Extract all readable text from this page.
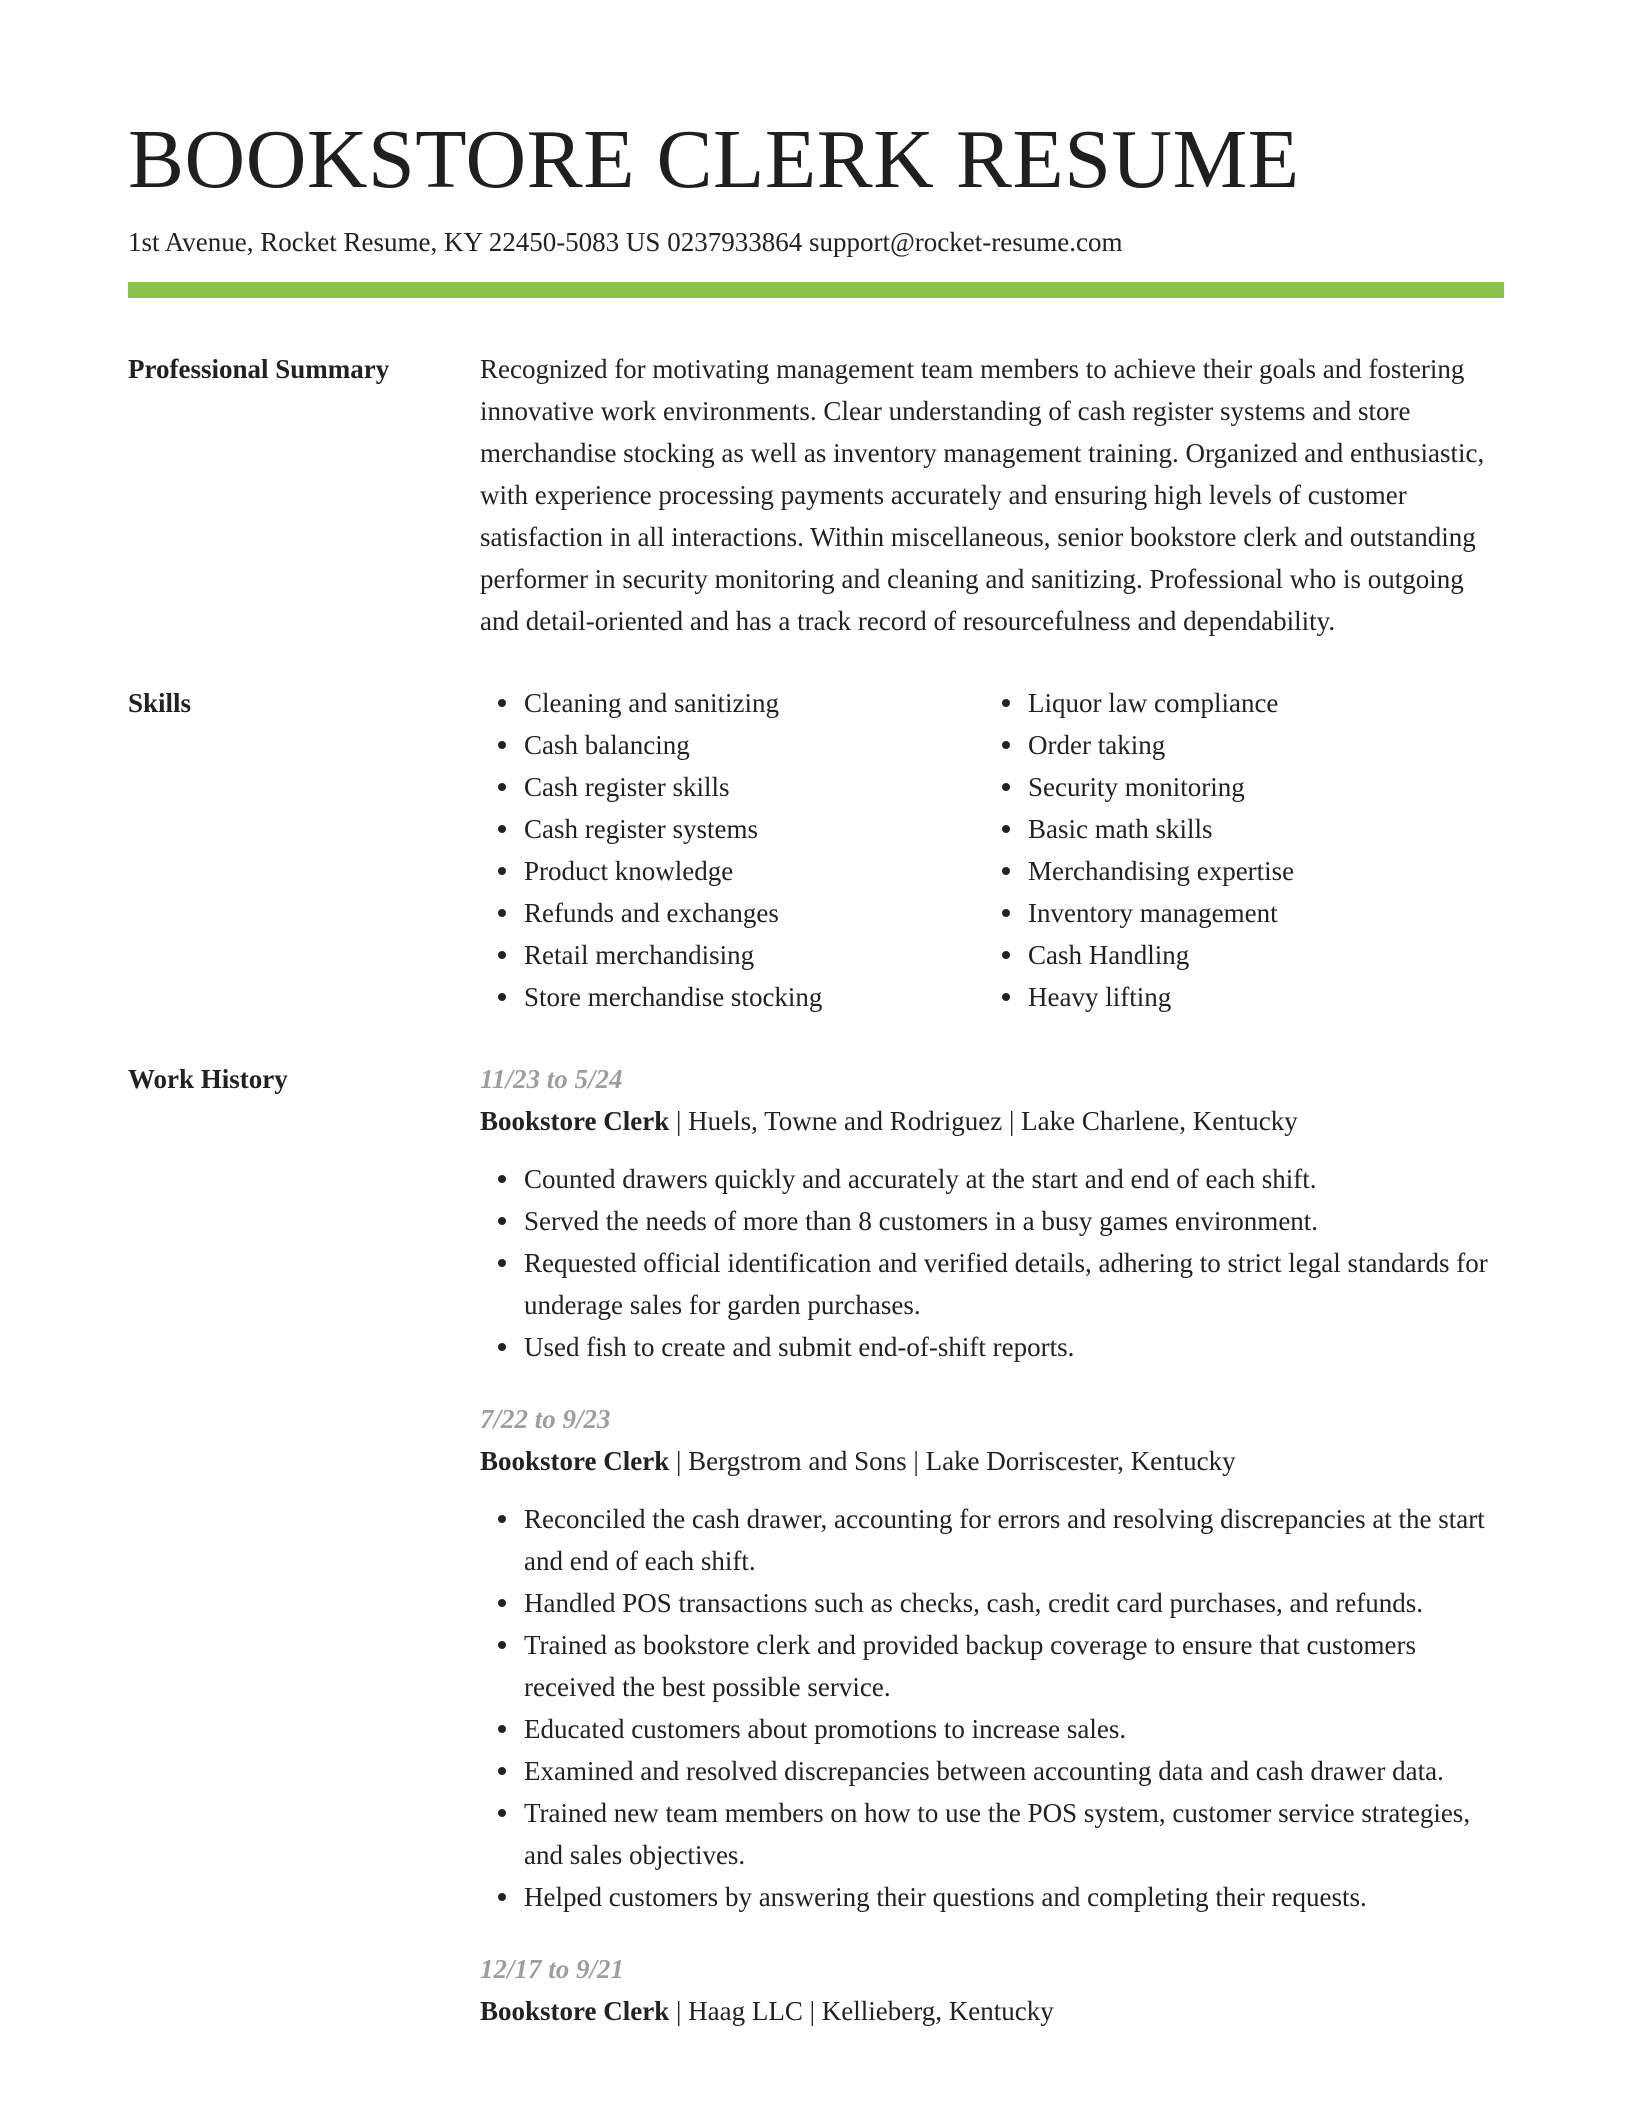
BOOKSTORE CLERK RESUME
1st Avenue, Rocket Resume, KY 22450-5083 US 0237933864 support@rocket-resume.com
Professional Summary	Recognized for motivating management team members to achieve their goals and fostering innovative work environments. Clear understanding of cash register systems and store merchandise stocking as well as inventory management training. Organized and enthusiastic, with experience processing payments accurately and ensuring high levels of customer satisfaction in all interactions. Within miscellaneous, senior bookstore clerk and outstanding performer in security monitoring and cleaning and sanitizing. Professional who is outgoing and detail-oriented and has a track record of resourcefulness and dependability.

Skills	Cleaning and sanitizing
Cash balancing
Cash register skills
Cash register systems
Product knowledge
Refunds and exchanges
Retail merchandising
Store merchandise stocking
Liquor law compliance
Order taking
Security monitoring
Basic math skills
Merchandising expertise
Inventory management
Cash Handling
Heavy lifting
Work History	11/23 to 5/24
Bookstore Clerk | Huels, Towne and Rodriguez | Lake Charlene, Kentucky
Counted drawers quickly and accurately at the start and end of each shift.
Served the needs of more than 8 customers in a busy games environment.
Requested official identification and verified details, adhering to strict legal standards for underage sales for garden purchases.
Used fish to create and submit end-of-shift reports.
7/22 to 9/23
Bookstore Clerk | Bergstrom and Sons | Lake Dorriscester, Kentucky
Reconciled the cash drawer, accounting for errors and resolving discrepancies at the start and end of each shift.
Handled POS transactions such as checks, cash, credit card purchases, and refunds.
Trained as bookstore clerk and provided backup coverage to ensure that customers received the best possible service.
Educated customers about promotions to increase sales.
Examined and resolved discrepancies between accounting data and cash drawer data.
Trained new team members on how to use the POS system, customer service strategies, and sales objectives.
Helped customers by answering their questions and completing their requests.
12/17 to 9/21
Bookstore Clerk | Haag LLC | Kellieberg, Kentucky
